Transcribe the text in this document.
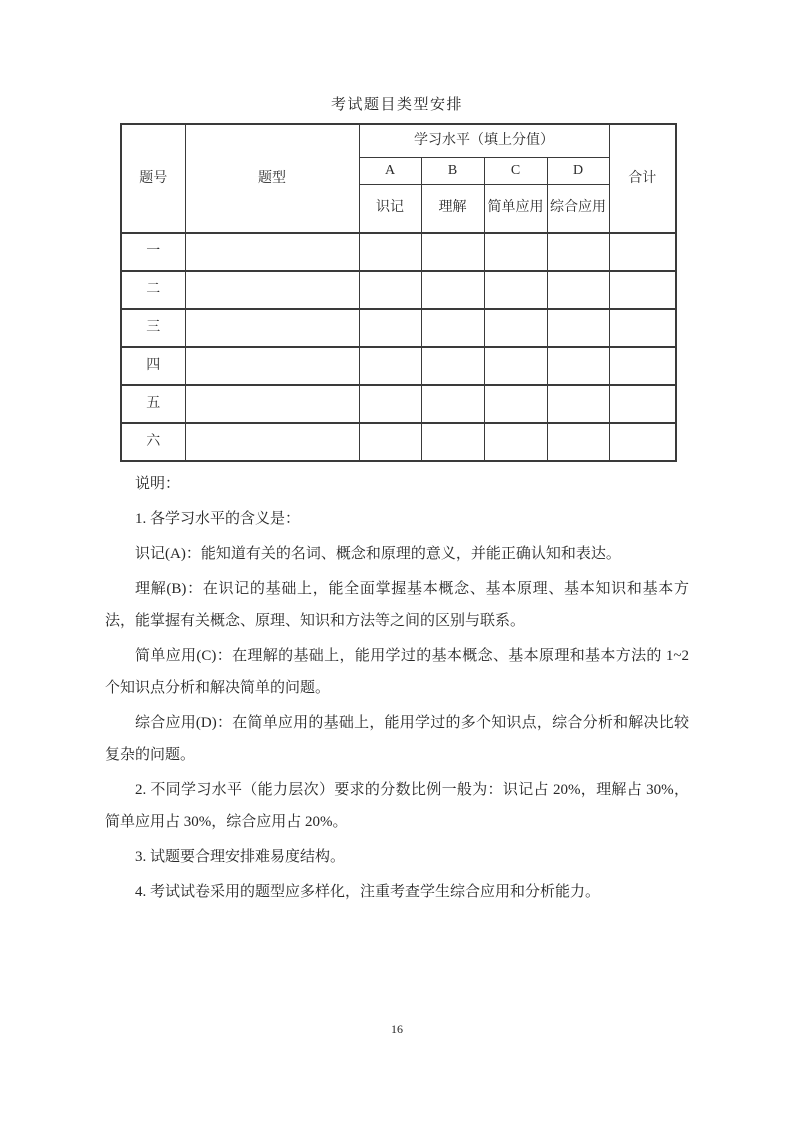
考试题目类型安排
题号	题型	学习水平（填上分值）				合计
		A	B	C	D	
		识记	理解	简单应用	综合应用	
一						
二						
三						
四						
五						
六						

说明：

1. 各学习水平的含义是：

识记(A)：能知道有关的名词、概念和原理的意义，并能正确认知和表达。

理解(B)：在识记的基础上，能全面掌握基本概念、基本原理、基本知识和基本方法，能掌握有关概念、原理、知识和方法等之间的区别与联系。

简单应用(C)：在理解的基础上，能用学过的基本概念、基本原理和基本方法的 1~2 个知识点分析和解决简单的问题。

综合应用(D)：在简单应用的基础上，能用学过的多个知识点，综合分析和解决比较复杂的问题。

2. 不同学习水平（能力层次）要求的分数比例一般为：识记占 20%，理解占 30%，简单应用占 30%，综合应用占 20%。

3. 试题要合理安排难易度结构。

4. 考试试卷采用的题型应多样化，注重考查学生综合应用和分析能力。

16
